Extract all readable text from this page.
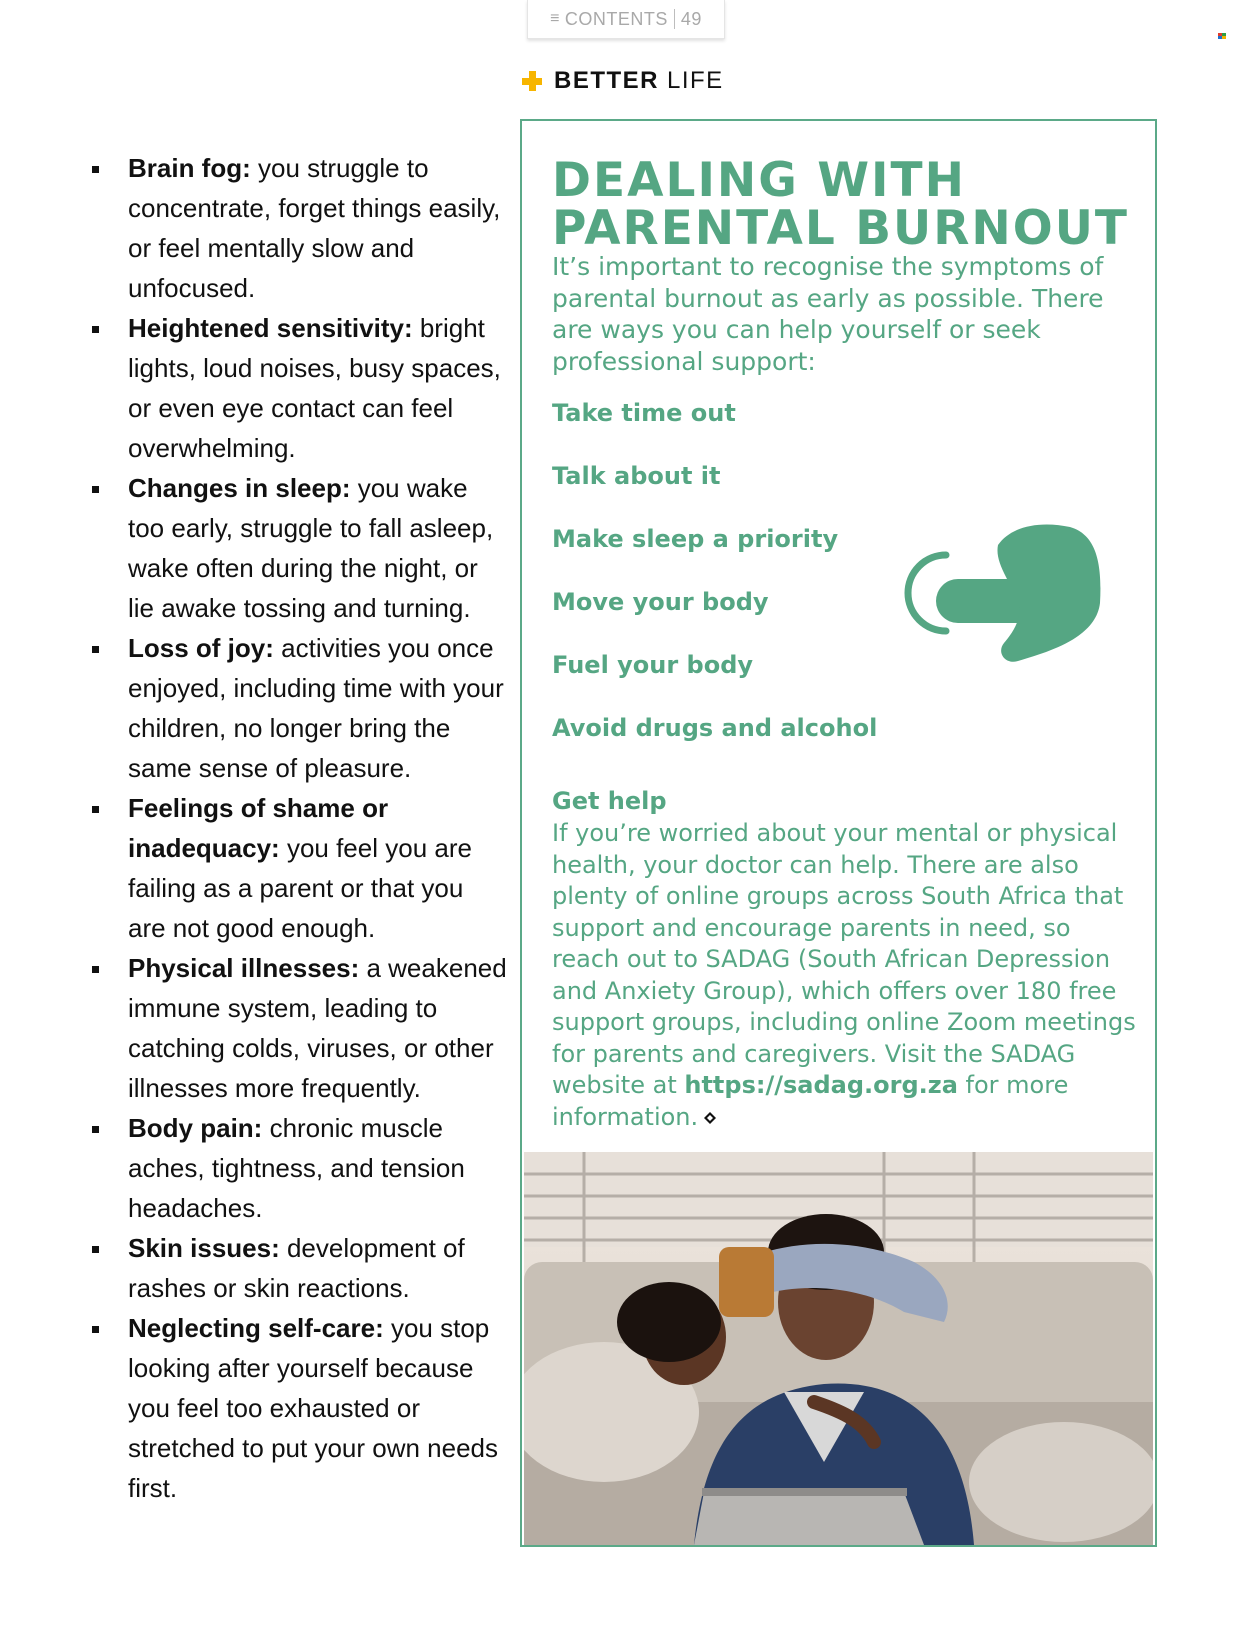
≡ CONTENTS 49
BETTER LIFE
Brain fog: you struggle to concentrate, forget things easily, or feel mentally slow and unfocused.
Heightened sensitivity: bright lights, loud noises, busy spaces, or even eye contact can feel overwhelming.
Changes in sleep: you wake too early, struggle to fall asleep, wake often during the night, or lie awake tossing and turning.
Loss of joy: activities you once enjoyed, including time with your children, no longer bring the same sense of pleasure.
Feelings of shame or inadequacy: you feel you are failing as a parent or that you are not good enough.
Physical illnesses: a weakened immune system, leading to catching colds, viruses, or other illnesses more frequently.
Body pain: chronic muscle aches, tightness, and tension headaches.
Skin issues: development of rashes or skin reactions.
Neglecting self-care: you stop looking after yourself because you feel too exhausted or stretched to put your own needs first.
DEALING WITH
PARENTAL BURNOUT

It’s important to recognise the symptoms of parental burnout as early as possible. There are ways you can help yourself or seek professional support:

Take time out
Talk about it
Make sleep a priority
Move your body
Fuel your body
Avoid drugs and alcohol
Get help

If you’re worried about your mental or physical health, your doctor can help. There are also plenty of online groups across South Africa that support and encourage parents in need, so reach out to SADAG (South African Depression and Anxiety Group), which offers over 180 free support groups, including online Zoom meetings for parents and caregivers. Visit the SADAG website at https://sadag.org.za for more information.
